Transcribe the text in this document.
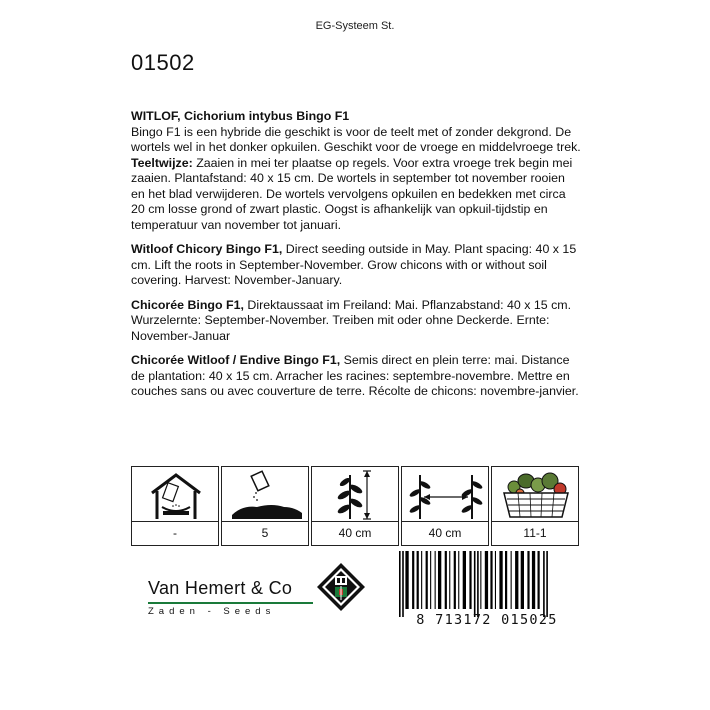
EG-Systeem St.
01502

WITLOF, Cichorium intybus Bingo F1
Bingo F1 is een hybride die geschikt is voor de teelt met of zonder dekgrond. De wortels wel in het donker opkuilen. Geschikt voor de vroege en middelvroege trek.
Teeltwijze: Zaaien in mei ter plaatse op regels. Voor extra vroege trek begin mei zaaien. Plantafstand: 40 x 15 cm. De wortels in september tot november rooien en het blad verwijderen. De wortels vervolgens opkuilen en bedekken met circa 20 cm losse grond of zwart plastic. Oogst is afhankelijk van opkuil-tijdstip en temperatuur van november tot januari.

Witloof Chicory Bingo F1, Direct seeding outside in May. Plant spacing: 40 x 15 cm. Lift the roots in September-November. Grow chicons with or without soil covering. Harvest: November-January.

Chicorée Bingo F1, Direktaussaat im Freiland: Mai. Pflanzabstand: 40 x 15 cm. Wurzelernte: September-November. Treiben mit oder ohne Deckerde. Ernte: November-Januar

Chicorée Witloof / Endive Bingo F1, Semis direct en plein terre: mai. Distance de plantation: 40 x 15 cm. Arracher les racines: septembre-novembre. Mettre en couches sans ou avec couverture de terre. Récolte de chicons: novembre-janvier.

-	5	40 cm	40 cm	11-1
Van Hemert & Co
Zaden - Seeds
8 713172 015025
